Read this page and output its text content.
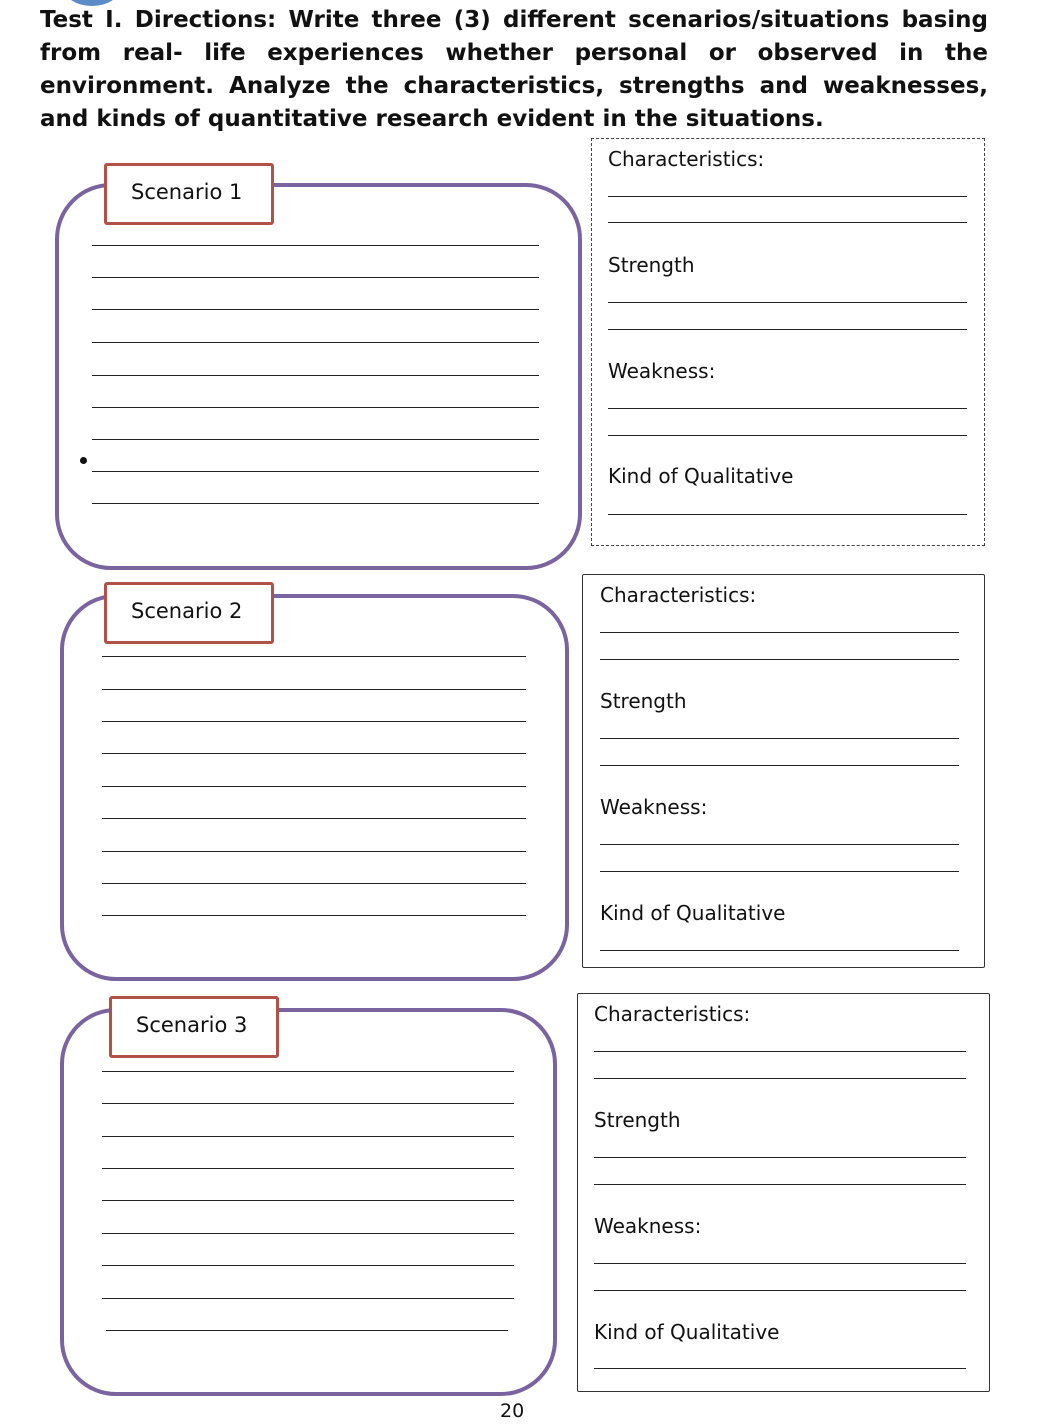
Test I. Directions: Write three (3) different scenarios/situations basing from real- life experiences whether personal or observed in the environment. Analyze the characteristics, strengths and weaknesses, and kinds of quantitative research evident in the situations.

Scenario 1
Characteristics:
Strength
Weakness:
Kind of Qualitative
Scenario 2
Characteristics:
Strength
Weakness:
Kind of Qualitative
Scenario 3	Characteristics:
Strength
Weakness:
Kind of Qualitative
20
